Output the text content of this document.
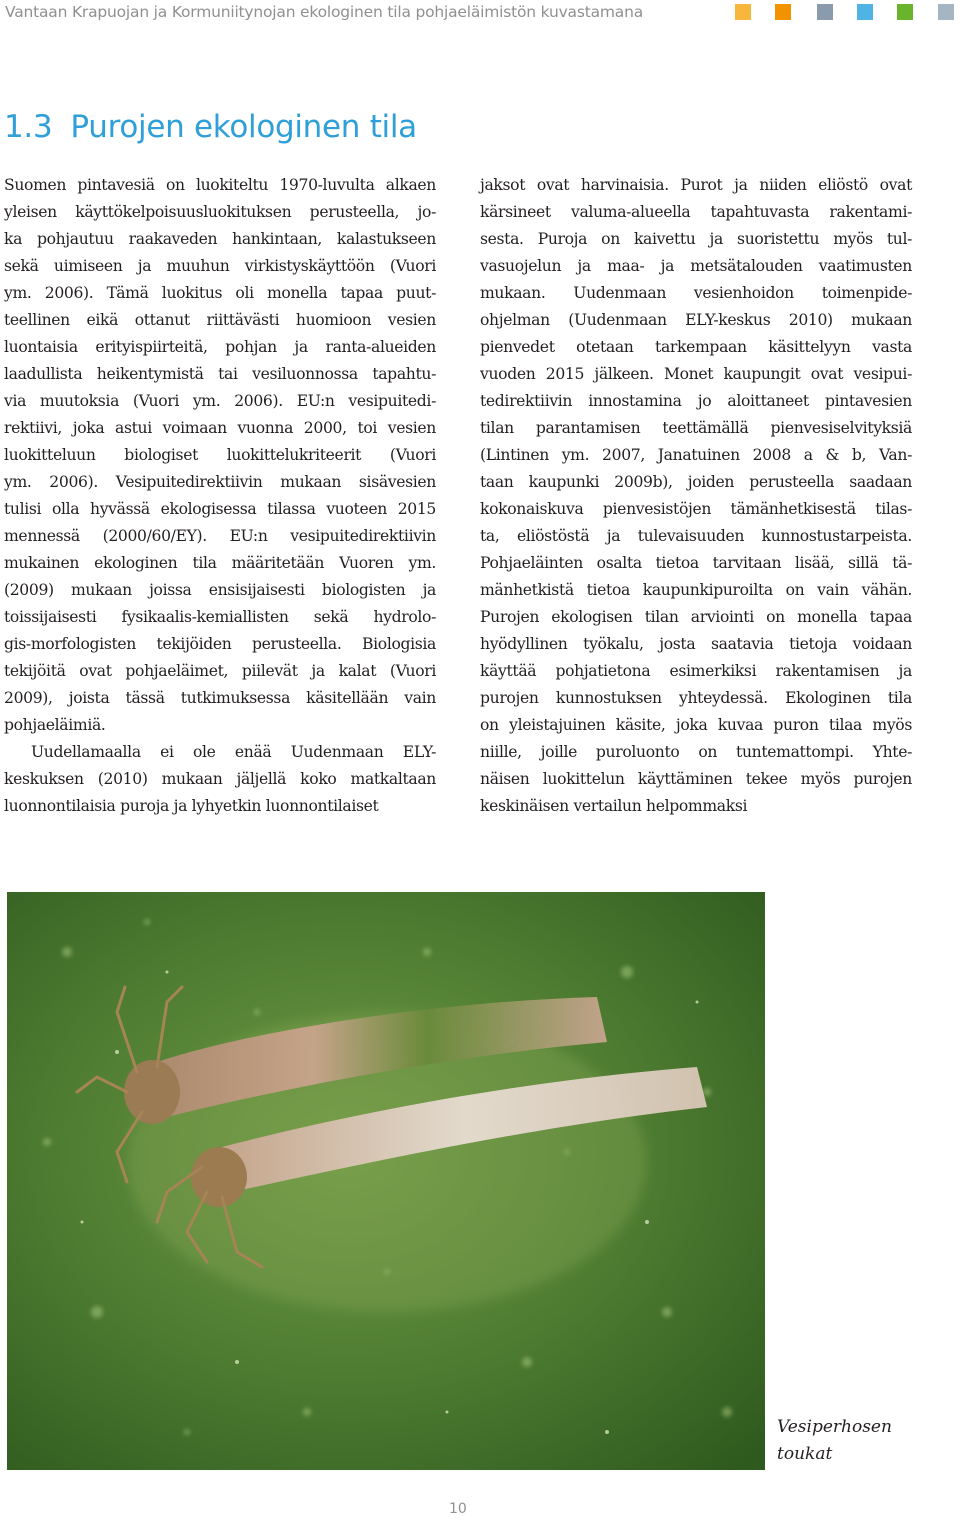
Vantaan Krapuojan ja Kormuniitynojan ekologinen tila pohjaeläimistön kuvastamana
1.3 Purojen ekologinen tila
Suomen pintavesiä on luokiteltu 1970-luvulta alkaen
yleisen käyttökelpoisuusluokituksen perusteella, jo-
ka pohjautuu raakaveden hankintaan, kalastukseen
sekä uimiseen ja muuhun virkistyskäyttöön (Vuori
ym. 2006). Tämä luokitus oli monella tapaa puut-
teellinen eikä ottanut riittävästi huomioon vesien
luontaisia erityispiirteitä, pohjan ja ranta-alueiden
laadullista heikentymistä tai vesiluonnossa tapahtu-
via muutoksia (Vuori ym. 2006). EU:n vesipuitedi-
rektiivi, joka astui voimaan vuonna 2000, toi vesien
luokitteluun biologiset luokittelukriteerit (Vuori
ym. 2006). Vesipuitedirektiivin mukaan sisävesien
tulisi olla hyvässä ekologisessa tilassa vuoteen 2015
mennessä (2000/60/EY). EU:n vesipuitedirektiivin
mukainen ekologinen tila määritetään Vuoren ym.
(2009) mukaan joissa ensisijaisesti biologisten ja
toissijaisesti fysikaalis-kemiallisten sekä hydrolo-
gis-morfologisten tekijöiden perusteella. Biologisia
tekijöitä ovat pohjaeläimet, piilevät ja kalat (Vuori
2009), joista tässä tutkimuksessa käsitellään vain
pohjaeläimiä.
Uudellamaalla ei ole enää Uudenmaan ELY-
keskuksen (2010) mukaan jäljellä koko matkaltaan
luonnontilaisia puroja ja lyhyetkin luonnontilaiset
jaksot ovat harvinaisia. Purot ja niiden eliöstö ovat
kärsineet valuma-alueella tapahtuvasta rakentami-
sesta. Puroja on kaivettu ja suoristettu myös tul-
vasuojelun ja maa- ja metsätalouden vaatimusten
mukaan. Uudenmaan vesienhoidon toimenpide-
ohjelman (Uudenmaan ELY-keskus 2010) mukaan
pienvedet otetaan tarkempaan käsittelyyn vasta
vuoden 2015 jälkeen. Monet kaupungit ovat vesipui-
tedirektiivin innostamina jo aloittaneet pintavesien
tilan parantamisen teettämällä pienvesiselvityksiä
(Lintinen ym. 2007, Janatuinen 2008 a & b, Van-
taan kaupunki 2009b), joiden perusteella saadaan
kokonaiskuva pienvesistöjen tämänhetkisestä tilas-
ta, eliöstöstä ja tulevaisuuden kunnostustarpeista.
Pohjaeläinten osalta tietoa tarvitaan lisää, sillä tä-
mänhetkistä tietoa kaupunkipuroilta on vain vähän.
Purojen ekologisen tilan arviointi on monella tapaa
hyödyllinen työkalu, josta saatavia tietoja voidaan
käyttää pohjatietona esimerkiksi rakentamisen ja
purojen kunnostuksen yhteydessä. Ekologinen tila
on yleistajuinen käsite, joka kuvaa puron tilaa myös
niille, joille puroluonto on tuntemattompi. Yhte-
näisen luokittelun käyttäminen tekee myös purojen
keskinäisen vertailun helpommaksi
Vesiperhosen
toukat
10
